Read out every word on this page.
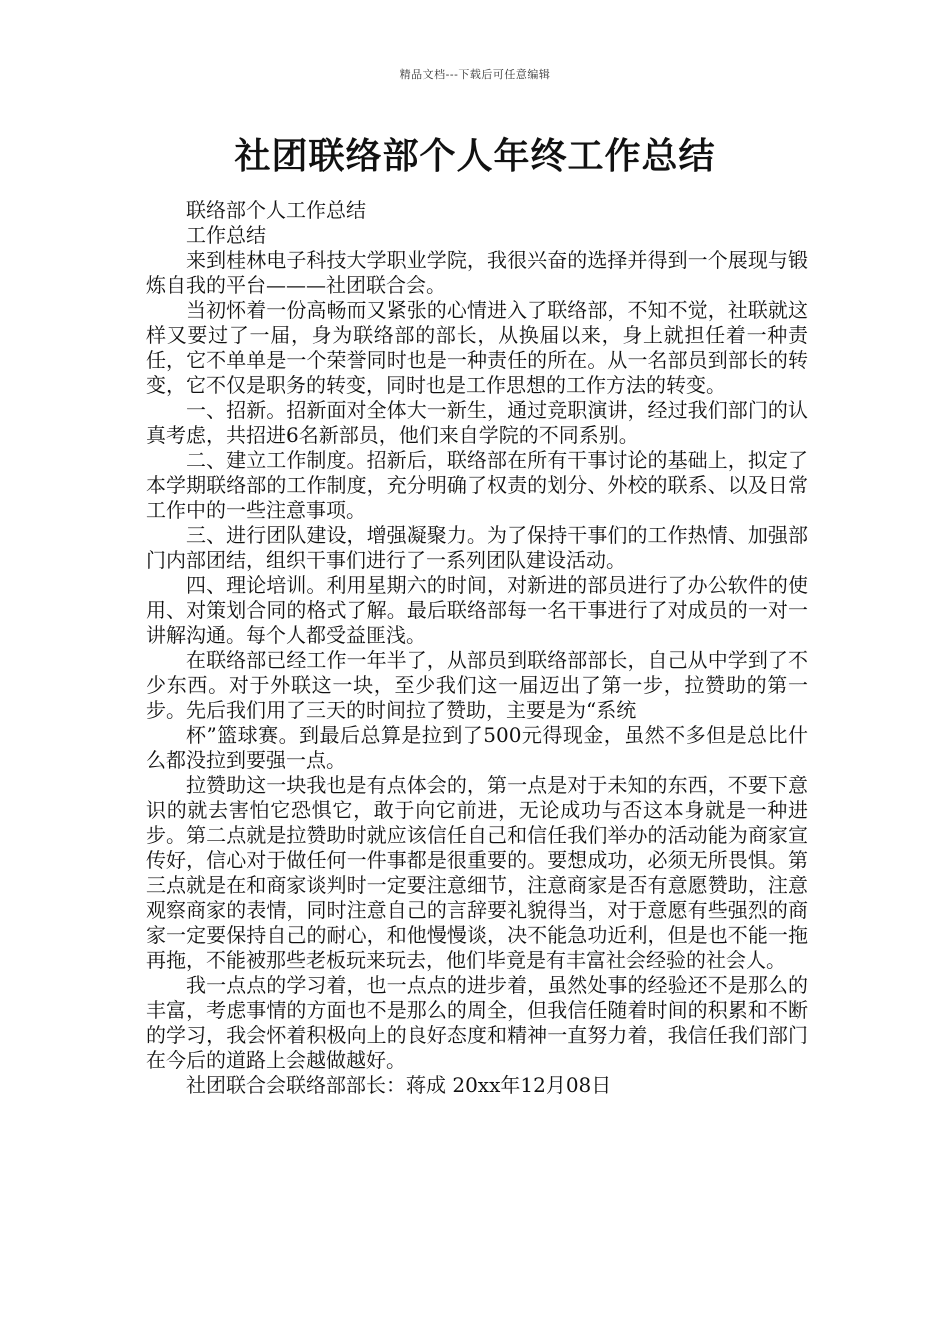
精品文档---下载后可任意编辑
社团联络部个人年终工作总结

联络部个人工作总结

工作总结

来到桂林电子科技大学职业学院，我很兴奋的选择并得到一个展现与锻炼自我的平台———社团联合会。

当初怀着一份高畅而又紧张的心情进入了联络部，不知不觉，社联就这样又要过了一届，身为联络部的部长，从换届以来，身上就担任着一种责任，它不单单是一个荣誉同时也是一种责任的所在。从一名部员到部长的转变，它不仅是职务的转变，同时也是工作思想的工作方法的转变。

一、招新。招新面对全体大一新生，通过竞职演讲，经过我们部门的认真考虑，共招进6名新部员，他们来自学院的不同系别。

二、建立工作制度。招新后，联络部在所有干事讨论的基础上，拟定了本学期联络部的工作制度，充分明确了权责的划分、外校的联系、以及日常工作中的一些注意事项。

三、进行团队建设，增强凝聚力。为了保持干事们的工作热情、加强部门内部团结，组织干事们进行了一系列团队建设活动。

四、理论培训。利用星期六的时间，对新进的部员进行了办公软件的使用、对策划合同的格式了解。最后联络部每一名干事进行了对成员的一对一讲解沟通。每个人都受益匪浅。

在联络部已经工作一年半了，从部员到联络部部长，自己从中学到了不少东西。对于外联这一块，至少我们这一届迈出了第一步，拉赞助的第一步。先后我们用了三天的时间拉了赞助，主要是为“系统

杯”篮球赛。到最后总算是拉到了500元得现金，虽然不多但是总比什么都没拉到要强一点。

拉赞助这一块我也是有点体会的，第一点是对于未知的东西，不要下意识的就去害怕它恐惧它，敢于向它前进，无论成功与否这本身就是一种进步。第二点就是拉赞助时就应该信任自己和信任我们举办的活动能为商家宣传好，信心对于做任何一件事都是很重要的。要想成功，必须无所畏惧。第三点就是在和商家谈判时一定要注意细节，注意商家是否有意愿赞助，注意观察商家的表情，同时注意自己的言辞要礼貌得当，对于意愿有些强烈的商家一定要保持自己的耐心，和他慢慢谈，决不能急功近利，但是也不能一拖再拖，不能被那些老板玩来玩去，他们毕竟是有丰富社会经验的社会人。

我一点点的学习着，也一点点的进步着，虽然处事的经验还不是那么的丰富，考虑事情的方面也不是那么的周全，但我信任随着时间的积累和不断的学习，我会怀着积极向上的良好态度和精神一直努力着，我信任我们部门在今后的道路上会越做越好。

社团联合会联络部部长：蒋成 20xx年12月08日
